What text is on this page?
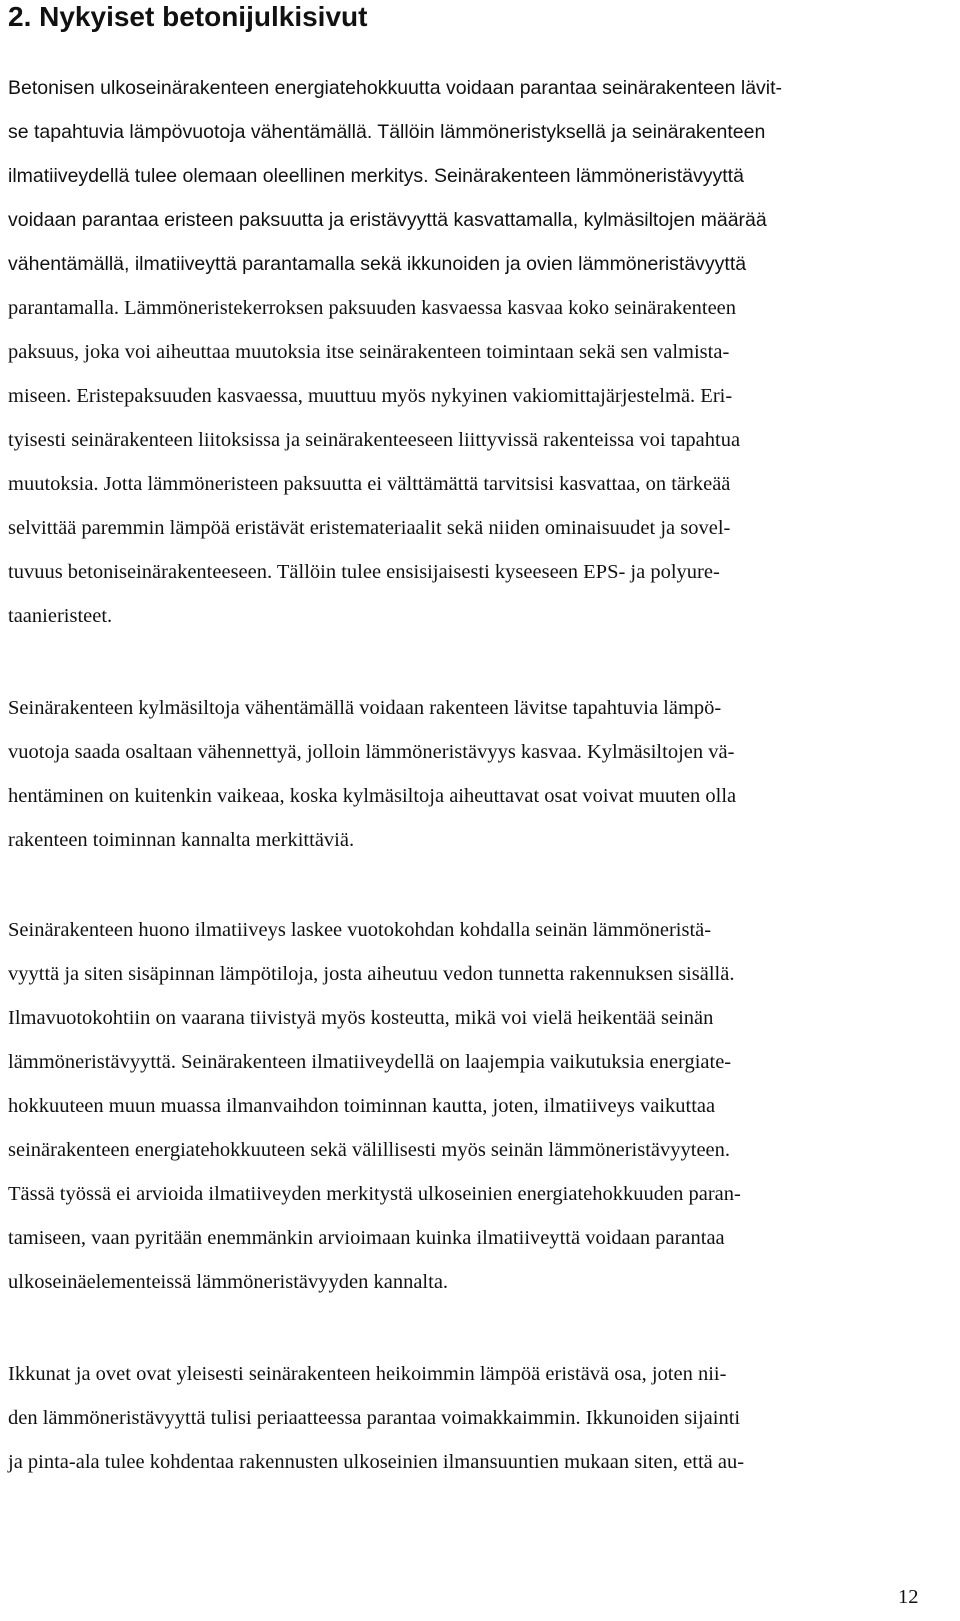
2. Nykyiset betonijulkisivut
Betonisen ulkoseinärakenteen energiatehokkuutta voidaan parantaa seinärakenteen lävit-
se tapahtuvia lämpövuotoja vähentämällä. Tällöin lämmöneristyksellä ja seinärakenteen
ilmatiiveydellä tulee olemaan oleellinen merkitys. Seinärakenteen lämmöneristävyyttä
voidaan parantaa eristeen paksuutta ja eristävyyttä kasvattamalla, kylmäsiltojen määrää
vähentämällä, ilmatiiveyttä parantamalla sekä ikkunoiden ja ovien lämmöneristävyyttä
parantamalla. Lämmöneristekerroksen paksuuden kasvaessa kasvaa koko seinärakenteen
paksuus, joka voi aiheuttaa muutoksia itse seinärakenteen toimintaan sekä sen valmista-
miseen. Eristepaksuuden kasvaessa, muuttuu myös nykyinen vakiomittajärjestelmä. Eri-
tyisesti seinärakenteen liitoksissa ja seinärakenteeseen liittyvissä rakenteissa voi tapahtua
muutoksia. Jotta lämmöneristeen paksuutta ei välttämättä tarvitsisi kasvattaa, on tärkeää
selvittää paremmin lämpöä eristävät eristemateriaalit sekä niiden ominaisuudet ja sovel-
tuvuus betoniseinärakenteeseen. Tällöin tulee ensisijaisesti kyseeseen EPS- ja polyure-
taanieristeet.
Seinärakenteen kylmäsiltoja vähentämällä voidaan rakenteen lävitse tapahtuvia lämpö-
vuotoja saada osaltaan vähennettyä, jolloin lämmöneristävyys kasvaa. Kylmäsiltojen vä-
hentäminen on kuitenkin vaikeaa, koska kylmäsiltoja aiheuttavat osat voivat muuten olla
rakenteen toiminnan kannalta merkittäviä.
Seinärakenteen huono ilmatiiveys laskee vuotokohdan kohdalla seinän lämmöneristä-
vyyttä ja siten sisäpinnan lämpötiloja, josta aiheutuu vedon tunnetta rakennuksen sisällä.
Ilmavuotokohtiin on vaarana tiivistyä myös kosteutta, mikä voi vielä heikentää seinän
lämmöneristävyyttä. Seinärakenteen ilmatiiveydellä on laajempia vaikutuksia energiate-
hokkuuteen muun muassa ilmanvaihdon toiminnan kautta, joten, ilmatiiveys vaikuttaa
seinärakenteen energiatehokkuuteen sekä välillisesti myös seinän lämmöneristävyyteen.
Tässä työssä ei arvioida ilmatiiveyden merkitystä ulkoseinien energiatehokkuuden paran-
tamiseen, vaan pyritään enemmänkin arvioimaan kuinka ilmatiiveyttä voidaan parantaa
ulkoseinäelementeissä lämmöneristävyyden kannalta.
Ikkunat ja ovet ovat yleisesti seinärakenteen heikoimmin lämpöä eristävä osa, joten nii-
den lämmöneristävyyttä tulisi periaatteessa parantaa voimakkaimmin. Ikkunoiden sijainti
ja pinta-ala tulee kohdentaa rakennusten ulkoseinien ilmansuuntien mukaan siten, että au-
12
